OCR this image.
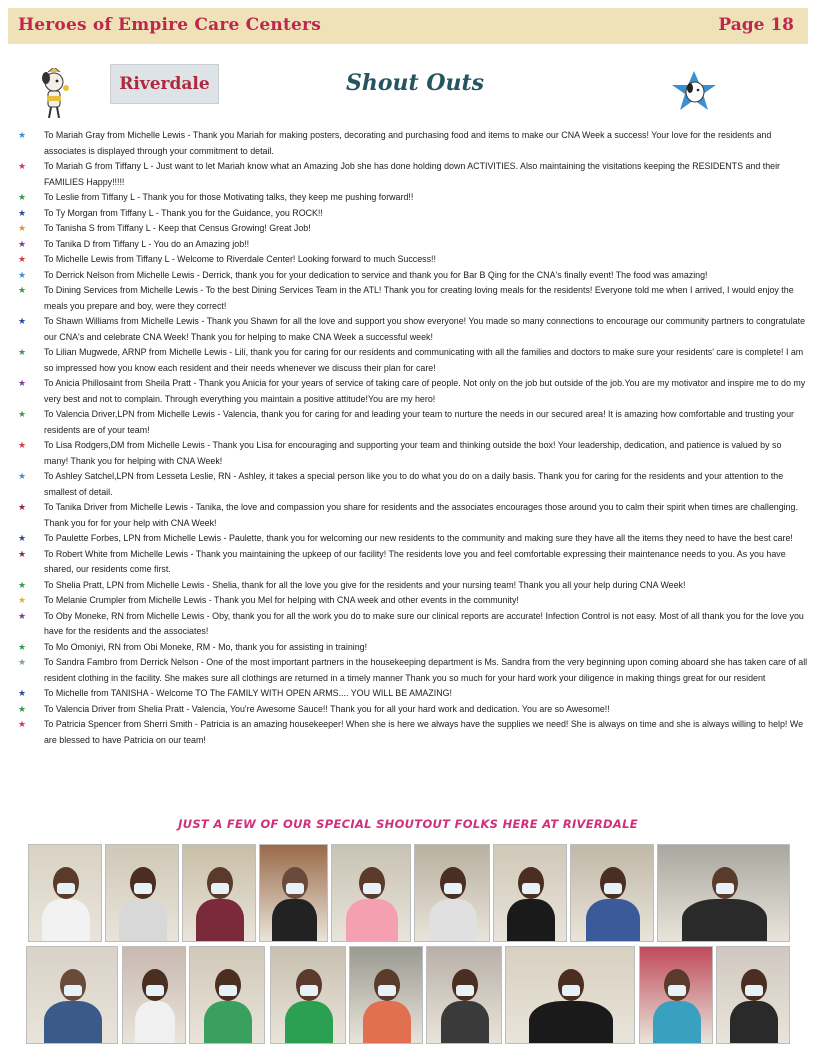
Heroes of Empire Care Centers	Page 18
Riverdale	Shout Outs
★ To Mariah Gray from Michelle Lewis - Thank you Mariah for making posters, decorating and purchasing food and items to make our CNA Week a success! Your love for the residents and associates is displayed through your commitment to detail.
★ To Mariah G from Tiffany L - Just want to let Mariah know what an Amazing Job she has done holding down ACTIVITIES. Also maintaining the visitations keeping the RESIDENTS and their FAMILIES Happy!!!!!
★ To Leslie from Tiffany L - Thank you for those Motivating talks, they keep me pushing forward!!
★ To Ty Morgan from Tiffany L - Thank you for the Guidance, you ROCK!!
★ To Tanisha S from Tiffany L - Keep that Census Growing! Great Job!
★ To Tanika D from Tiffany L - You do an Amazing job!!
★ To Michelle Lewis from Tiffany L - Welcome to Riverdale Center! Looking forward to much Success!!
★ To Derrick Nelson from Michelle Lewis - Derrick, thank you for your dedication to service and thank you for Bar B Qing for the CNA's finally event! The food was amazing!
★ To Dining Services from Michelle Lewis - To the best Dining Services Team in the ATL! Thank you for creating loving meals for the residents! Everyone told me when I arrived, I would enjoy the meals you prepare and boy, were they correct!
★ To Shawn Williams from Michelle Lewis - Thank you Shawn for all the love and support you show everyone! You made so many connections to encourage our community partners to congratulate our CNA's and celebrate CNA Week! Thank you for helping to make CNA Week a successful week!
★ To Lilian Mugwede, ARNP from Michelle Lewis - Lili, thank you for caring for our residents and communicating with all the families and doctors to make sure your residents' care is complete! I am so impressed how you know each resident and their needs whenever we discuss their plan for care!
★ To Anicia Phillosaint from Sheila Pratt - Thank you Anicia for your years of service of taking care of people. Not only on the job but outside of the job.You are my motivator and inspire me to do my very best and not to complain. Through everything you maintain a positive attitude!You are my hero!
★ To Valencia Driver,LPN from Michelle Lewis - Valencia, thank you for caring for and leading your team to nurture the needs in our secured area! It is amazing how comfortable and trusting your residents are of your team!
★ To Lisa Rodgers,DM from Michelle Lewis - Thank you Lisa for encouraging and supporting your team and thinking outside the box! Your leadership, dedication, and patience is valued by so many! Thank you for helping with CNA Week!
★ To Ashley Satchel,LPN from Lesseta Leslie, RN - Ashley, it takes a special person like you to do what you do on a daily basis. Thank you for caring for the residents and your attention to the smallest of detail.
★ To Tanika Driver from Michelle Lewis - Tanika, the love and compassion you share for residents and the associates encourages those around you to calm their spirit when times are challenging. Thank you for for your help with CNA Week!
★ To Paulette Forbes, LPN from Michelle Lewis - Paulette, thank you for welcoming our new residents to the community and making sure they have all the items they need to have the best care!
★ To Robert White from Michelle Lewis - Thank you maintaining the upkeep of our facility! The residents love you and feel comfortable expressing their maintenance needs to you. As you have shared, our residents come first.
★ To Shelia Pratt, LPN from Michelle Lewis - Shelia, thank for all the love you give for the residents and your nursing team! Thank you all your help during CNA Week!
★ To Melanie Crumpler from Michelle Lewis - Thank you Mel for helping with CNA week and other events in the community!
★ To Oby Moneke, RN from Michelle Lewis - Oby, thank you for all the work you do to make sure our clinical reports are accurate! Infection Control is not easy. Most of all thank you for the love you have for the residents and the associates!
★ To Mo Omoniyi, RN from Obi Moneke, RM - Mo, thank you for assisting in training!
★ To Sandra Fambro from Derrick Nelson - One of the most important partners in the housekeeping department is Ms. Sandra from the very beginning upon coming aboard she has taken care of all resident clothing in the facility. She makes sure all clothings are returned in a timely manner Thank you so much for your hard work your diligence in making things great for our resident
★ To Michelle from TANISHA - Welcome TO The FAMILY WITH OPEN ARMS.... YOU WILL BE AMAZING!
★ To Valencia Driver from Shelia Pratt - Valencia, You're Awesome Sauce!! Thank you for all your hard work and dedication. You are so Awesome!!
★ To Patricia Spencer from Sherri Smith - Patricia is an amazing housekeeper! When she is here we always have the supplies we need! She is always on time and she is always willing to help! We are blessed to have Patricia on our team!
JUST A FEW OF OUR SPECIAL SHOUTOUT FOLKS HERE AT RIVERDALE
